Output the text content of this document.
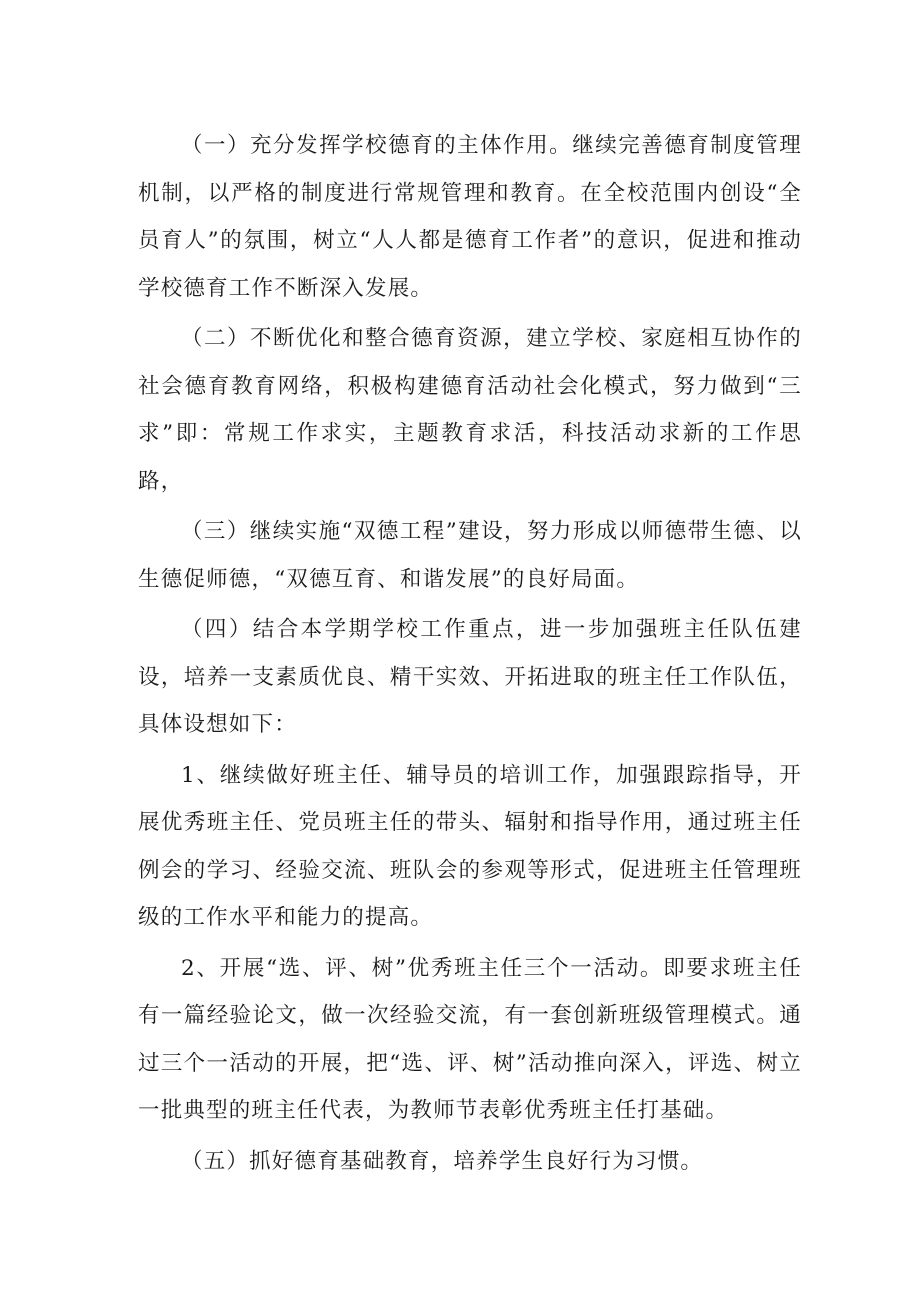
（一）充分发挥学校德育的主体作用。继续完善德育制度管理机制，以严格的制度进行常规管理和教育。在全校范围内创设“全员育人”的氛围，树立“人人都是德育工作者”的意识，促进和推动学校德育工作不断深入发展。

（二）不断优化和整合德育资源，建立学校、家庭相互协作的社会德育教育网络，积极构建德育活动社会化模式，努力做到“三求”即：常规工作求实，主题教育求活，科技活动求新的工作思路，

（三）继续实施“双德工程”建设，努力形成以师德带生德、以生德促师德，“双德互育、和谐发展”的良好局面。

（四）结合本学期学校工作重点，进一步加强班主任队伍建设，培养一支素质优良、精干实效、开拓进取的班主任工作队伍，具体设想如下：

1、继续做好班主任、辅导员的培训工作，加强跟踪指导，开展优秀班主任、党员班主任的带头、辐射和指导作用，通过班主任例会的学习、经验交流、班队会的参观等形式，促进班主任管理班级的工作水平和能力的提高。

2、开展“选、评、树”优秀班主任三个一活动。即要求班主任有一篇经验论文，做一次经验交流，有一套创新班级管理模式。通过三个一活动的开展，把“选、评、树”活动推向深入，评选、树立一批典型的班主任代表，为教师节表彰优秀班主任打基础。

（五）抓好德育基础教育，培养学生良好行为习惯。
